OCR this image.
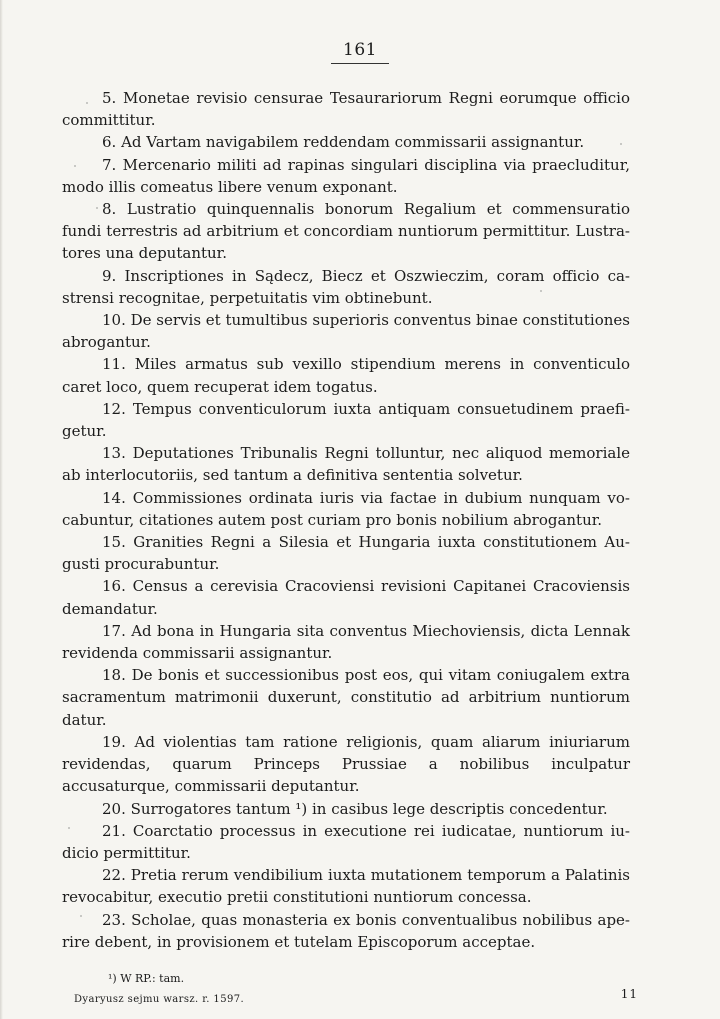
161

5. Monetae revisio censurae Tesaurariorum Regni eorumque officio committitur.

6. Ad Vartam navigabilem reddendam commissarii assignantur.

7. Mercenario militi ad rapinas singulari disciplina via praecluditur, modo illis comeatus libere venum exponant.

8. Lustratio quinquennalis bonorum Regalium et commensuratio fundi terrestris ad arbitrium et concordiam nuntiorum permittitur. Lustratores una deputantur.

9. Inscriptiones in Sądecz, Biecz et Oszwieczim, coram officio castrensi recognitae, perpetuitatis vim obtinebunt.

10. De servis et tumultibus superioris conventus binae constitutiones abrogantur.

11. Miles armatus sub vexillo stipendium merens in conventiculo caret loco, quem recuperat idem togatus.

12. Tempus conventiculorum iuxta antiquam consuetudinem praefigetur.

13. Deputationes Tribunalis Regni tolluntur, nec aliquod memoriale ab interlocutoriis, sed tantum a definitiva sententia solvetur.

14. Commissiones ordinata iuris via factae in dubium nunquam vocabuntur, citationes autem post curiam pro bonis nobilium abrogantur.

15. Granities Regni a Silesia et Hungaria iuxta constitutionem Augusti procurabuntur.

16. Census a cerevisia Cracoviensi revisioni Capitanei Cracoviensis demandatur.

17. Ad bona in Hungaria sita conventus Miechoviensis, dicta Lennak revidenda commissarii assignantur.

18. De bonis et successionibus post eos, qui vitam coniugalem extra sacramentum matrimonii duxerunt, constitutio ad arbitrium nuntiorum datur.

19. Ad violentias tam ratione religionis, quam aliarum iniuriarum revidendas, quarum Princeps Prussiae a nobilibus inculpatur accusaturque, commissarii deputantur.

20. Surrogatores tantum ¹) in casibus lege descriptis concedentur.

21. Coarctatio processus in executione rei iudicatae, nuntiorum iudicio permittitur.

22. Pretia rerum vendibilium iuxta mutationem temporum a Palatinis revocabitur, executio pretii constitutioni nuntiorum concessa.

23. Scholae, quas monasteria ex bonis conventualibus nobilibus aperire debent, in provisionem et tutelam Episcoporum acceptae.

¹) W RP.: tam.
Dyaryusz sejmu warsz. r. 1597.	11
